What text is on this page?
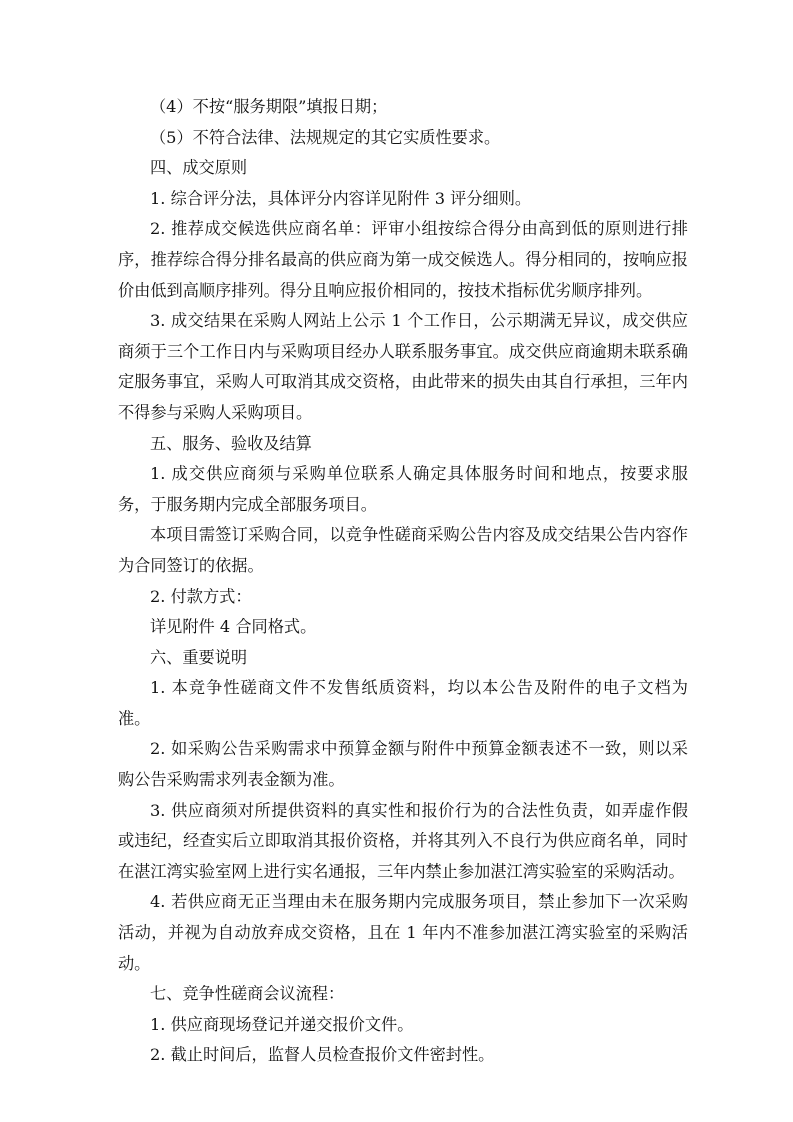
（4）不按“服务期限”填报日期；

（5）不符合法律、法规规定的其它实质性要求。

四、成交原则

1. 综合评分法，具体评分内容详见附件 3 评分细则。

2. 推荐成交候选供应商名单：评审小组按综合得分由高到低的原则进行排序，推荐综合得分排名最高的供应商为第一成交候选人。得分相同的，按响应报价由低到高顺序排列。得分且响应报价相同的，按技术指标优劣顺序排列。

3. 成交结果在采购人网站上公示 1 个工作日，公示期满无异议，成交供应商须于三个工作日内与采购项目经办人联系服务事宜。成交供应商逾期未联系确定服务事宜，采购人可取消其成交资格，由此带来的损失由其自行承担，三年内不得参与采购人采购项目。

五、服务、验收及结算

1. 成交供应商须与采购单位联系人确定具体服务时间和地点，按要求服务，于服务期内完成全部服务项目。

本项目需签订采购合同，以竞争性磋商采购公告内容及成交结果公告内容作为合同签订的依据。

2. 付款方式：

详见附件 4 合同格式。

六、重要说明

1. 本竞争性磋商文件不发售纸质资料，均以本公告及附件的电子文档为准。

2. 如采购公告采购需求中预算金额与附件中预算金额表述不一致，则以采购公告采购需求列表金额为准。

3. 供应商须对所提供资料的真实性和报价行为的合法性负责，如弄虚作假或违纪，经查实后立即取消其报价资格，并将其列入不良行为供应商名单，同时在湛江湾实验室网上进行实名通报，三年内禁止参加湛江湾实验室的采购活动。

4. 若供应商无正当理由未在服务期内完成服务项目，禁止参加下一次采购活动，并视为自动放弃成交资格，且在 1 年内不准参加湛江湾实验室的采购活动。

七、竞争性磋商会议流程：

1. 供应商现场登记并递交报价文件。

2. 截止时间后，监督人员检查报价文件密封性。
